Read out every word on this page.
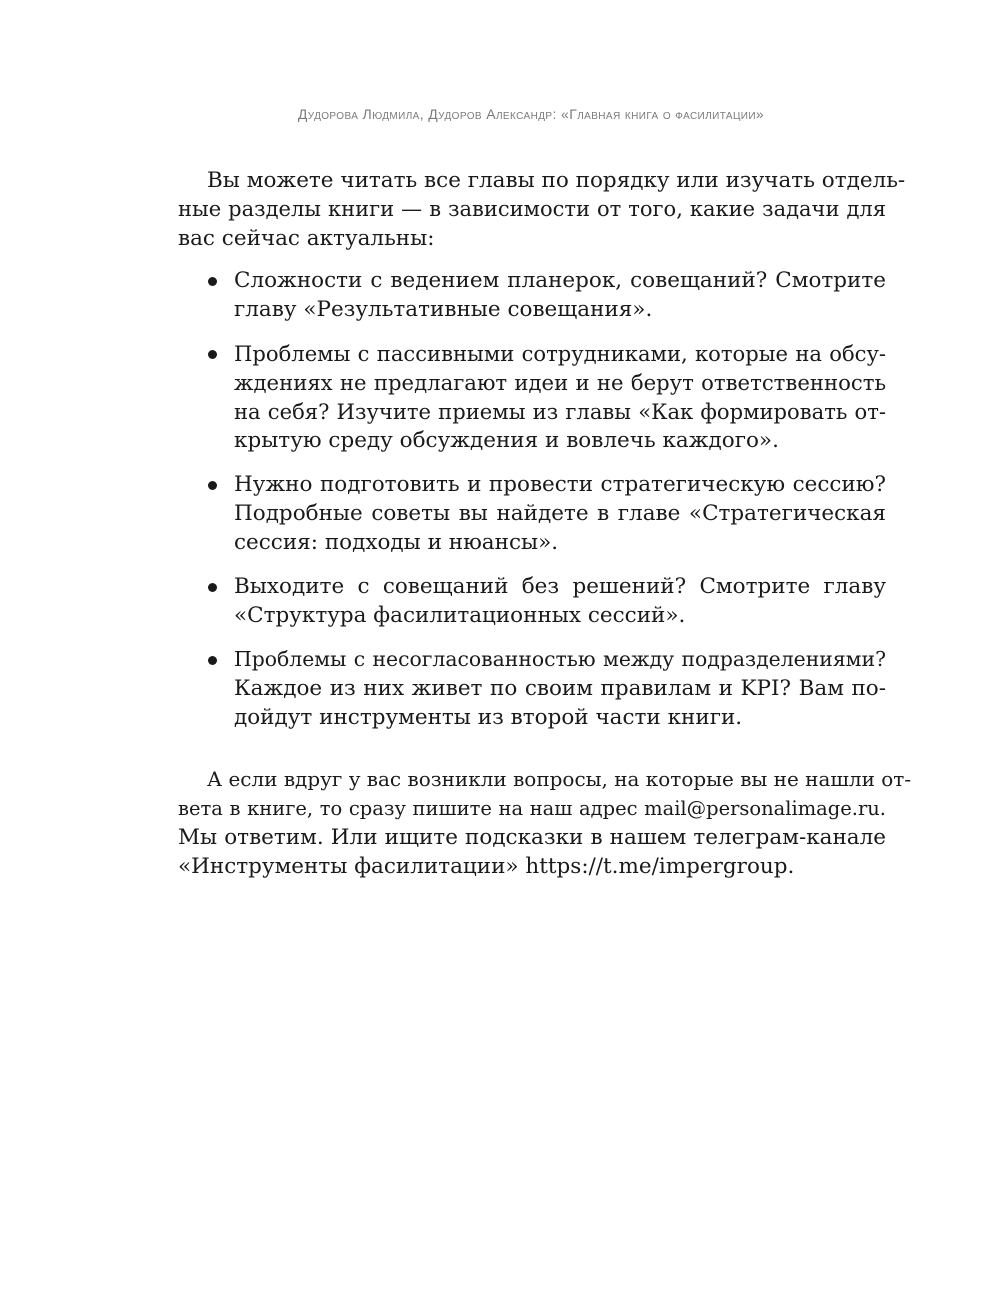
Дудорова Людмила, Дудоров Александр: «Главная книга о фасилитации»
Вы можете читать все главы по порядку или изучать отдель-
ные разделы книги — в зависимости от того, какие задачи для
вас сейчас актуальны:
Сложности с ведением планерок, совещаний? Смотрите
главу «Результативные совещания».
Проблемы с пассивными сотрудниками, которые на обсу-
ждениях не предлагают идеи и не берут ответственность
на себя? Изучите приемы из главы «Как формировать от-
крытую среду обсуждения и вовлечь каждого».
Нужно подготовить и провести стратегическую сессию?
Подробные советы вы найдете в главе «Стратегическая
сессия: подходы и нюансы».
Выходите с совещаний без решений? Смотрите главу
«Структура фасилитационных сессий».
Проблемы с несогласованностью между подразделениями?
Каждое из них живет по своим правилам и KPI? Вам по-
дойдут инструменты из второй части книги.
А если вдруг у вас возникли вопросы, на которые вы не нашли от-
вета в книге, то сразу пишите на наш адрес mail@personalimage.ru.
Мы ответим. Или ищите подсказки в нашем телеграм-канале
«Инструменты фасилитации» https://t.me/impergroup.
